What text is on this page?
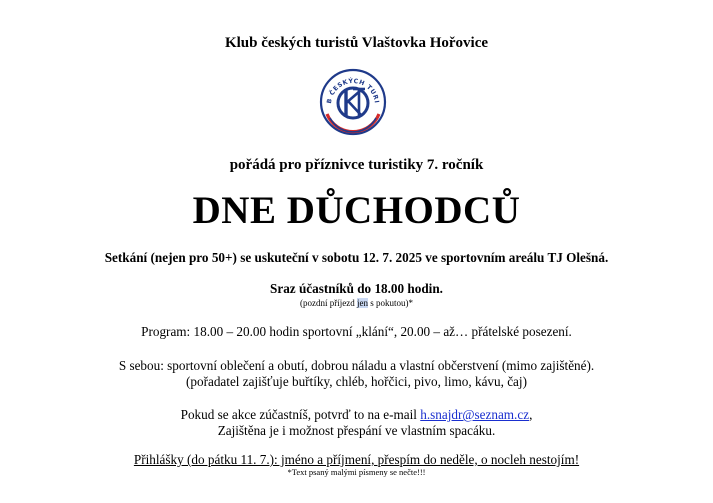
Klub českých turistů Vlaštovka Hořovice
B ČESKÝCH TURI
pořádá pro příznivce turistiky 7. ročník
DNE DŮCHODCŮ
Setkání (nejen pro 50+) se uskuteční v sobotu 12. 7. 2025 ve sportovním areálu TJ Olešná.
Sraz účastníků do 18.00 hodin.
(pozdní příjezd jen s pokutou)*
Program: 18.00 – 20.00 hodin sportovní „klání“, 20.00 – až… přátelské posezení.
S sebou: sportovní oblečení a obutí, dobrou náladu a vlastní občerstvení (mimo zajištěné).
(pořadatel zajišťuje buřtíky, chléb, hořčici, pivo, limo, kávu, čaj)
Pokud se akce zúčastníš, potvrď to na e-mail h.snajdr@seznam.cz,
Zajištěna je i možnost přespání ve vlastním spacáku.
Přihlášky (do pátku 11. 7.): jméno a příjmení, přespím do neděle, o nocleh nestojím!
*Text psaný malými písmeny se nečte!!!
